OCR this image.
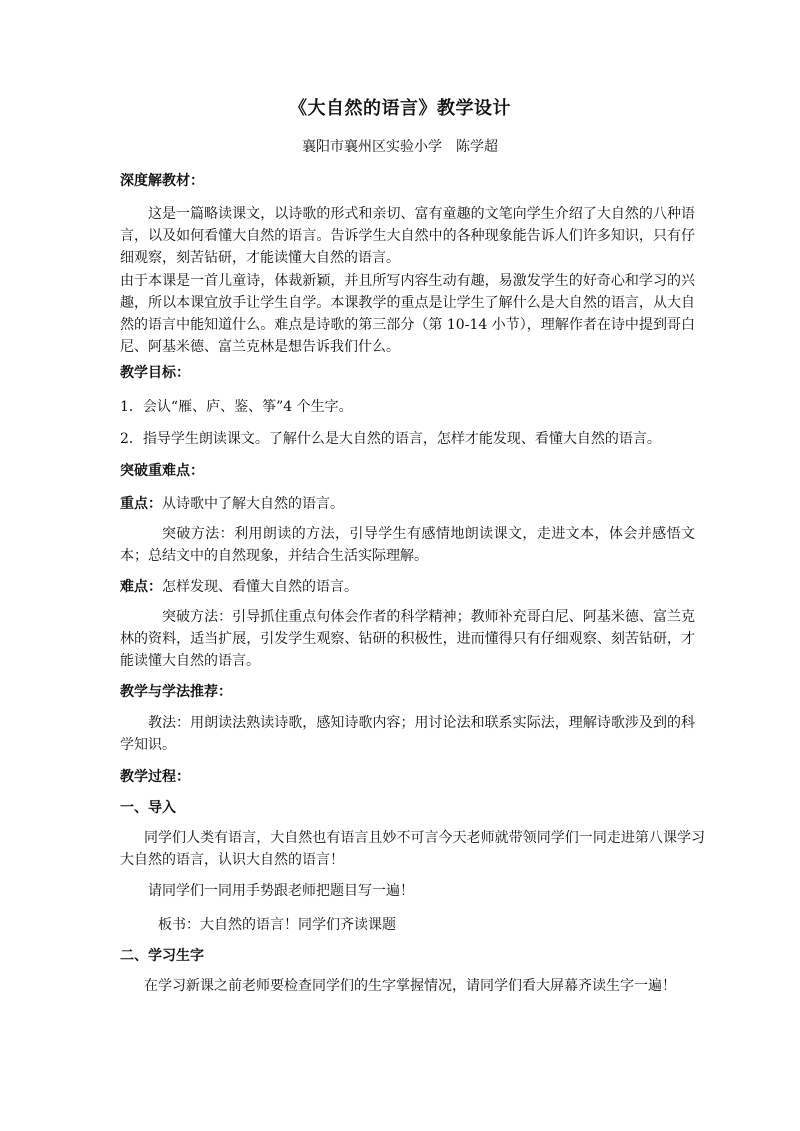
《大自然的语言》教学设计
襄阳市襄州区实验小学　陈学超
深度解教材：
这是一篇略读课文，以诗歌的形式和亲切、富有童趣的文笔向学生介绍了大自然的八种语言，以及如何看懂大自然的语言。告诉学生大自然中的各种现象能告诉人们许多知识，只有仔细观察，刻苦钻研，才能读懂大自然的语言。
由于本课是一首儿童诗，体裁新颖，并且所写内容生动有趣，易激发学生的好奇心和学习的兴趣，所以本课宜放手让学生自学。本课教学的重点是让学生了解什么是大自然的语言，从大自然的语言中能知道什么。难点是诗歌的第三部分（第 10-14 小节），理解作者在诗中提到哥白尼、阿基米德、富兰克林是想告诉我们什么。
教学目标：
1．会认“雁、庐、鉴、筝”4 个生字。
2．指导学生朗读课文。了解什么是大自然的语言，怎样才能发现、看懂大自然的语言。
突破重难点：
重点：从诗歌中了解大自然的语言。
突破方法：利用朗读的方法，引导学生有感情地朗读课文，走进文本，体会并感悟文本；总结文中的自然现象，并结合生活实际理解。
难点：怎样发现、看懂大自然的语言。
突破方法：引导抓住重点句体会作者的科学精神；教师补充哥白尼、阿基米德、富兰克林的资料，适当扩展，引发学生观察、钻研的积极性，进而懂得只有仔细观察、刻苦钻研，才能读懂大自然的语言。
教学与学法推荐：
教法：用朗读法熟读诗歌，感知诗歌内容；用讨论法和联系实际法，理解诗歌涉及到的科学知识。
教学过程：
一、导入
同学们人类有语言，大自然也有语言且妙不可言今天老师就带领同学们一同走进第八课学习大自然的语言，认识大自然的语言！
请同学们一同用手势跟老师把题目写一遍！
板书：大自然的语言！同学们齐读课题
二、学习生字
在学习新课之前老师要检查同学们的生字掌握情况，请同学们看大屏幕齐读生字一遍！
